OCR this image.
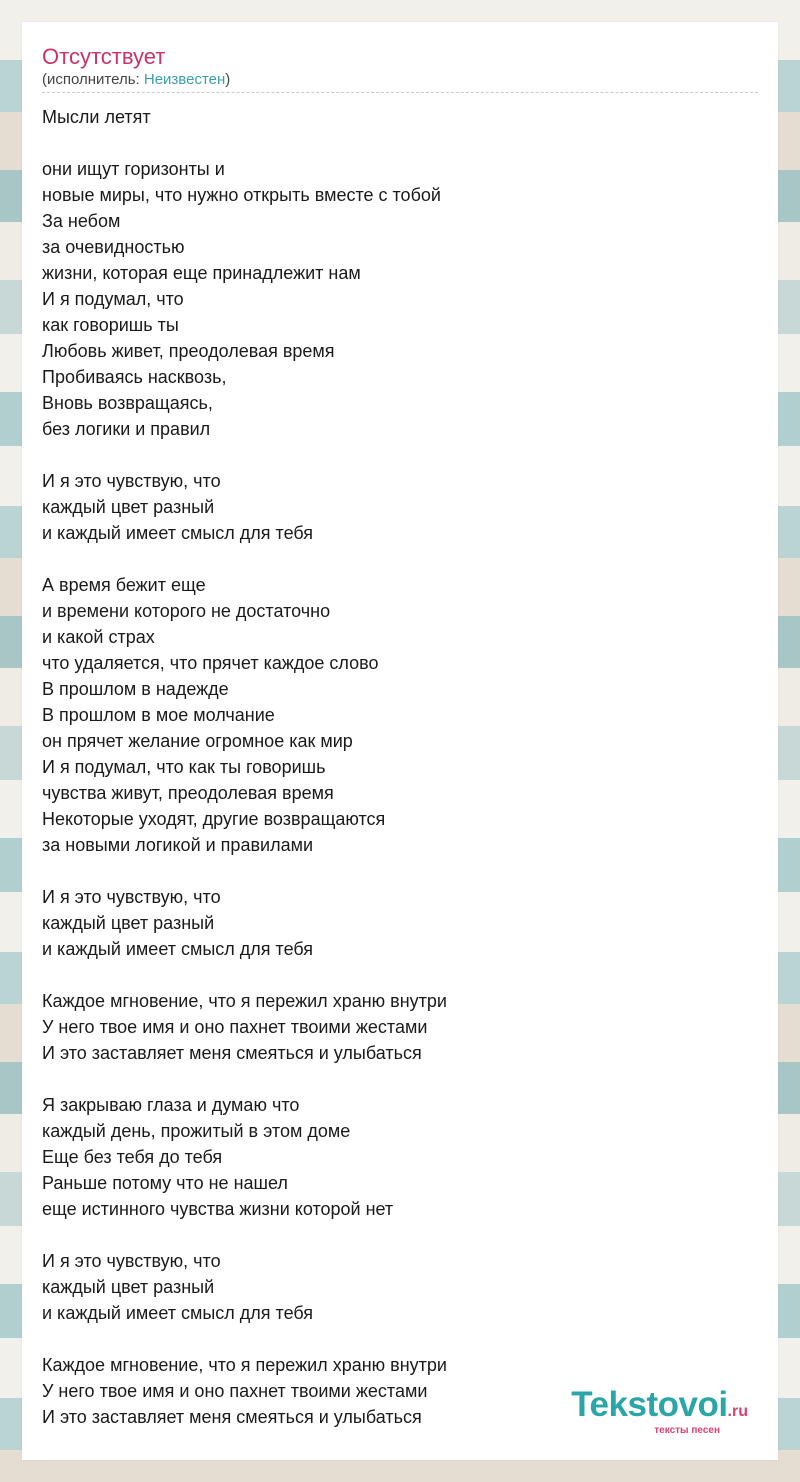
Отсутствует
(исполнитель: Неизвестен)
Мысли летят
они ищут горизонты и
новые миры, что нужно открыть вместе с тобой
За небом
за очевидностью
жизни, которая еще принадлежит нам
И я подумал, что
как говоришь ты
Любовь живет, преодолевая время
Пробиваясь насквозь,
Вновь возвращаясь,
без логики и правил
И я это чувствую, что
каждый цвет разный
и каждый имеет смысл для тебя
А время бежит еще
и времени которого не достаточно
и какой страх
что удаляется, что прячет каждое слово
В прошлом в надежде
В прошлом в мое молчание
он прячет желание огромное как мир
И я подумал, что как ты говоришь
чувства живут, преодолевая время
Некоторые уходят, другие возвращаются
за новыми логикой и правилами
И я это чувствую, что
каждый цвет разный
и каждый имеет смысл для тебя
Каждое мгновение, что я пережил храню внутри
У него твое имя и оно пахнет твоими жестами
И это заставляет меня смеяться и улыбаться
Я закрываю глаза и думаю что
каждый день, прожитый в этом доме
Еще без тебя до тебя
Раньше потому что не нашел
еще истинного чувства жизни которой нет
И я это чувствую, что
каждый цвет разный
и каждый имеет смысл для тебя
Каждое мгновение, что я пережил храню внутри
У него твое имя и оно пахнет твоими жестами
И это заставляет меня смеяться и улыбаться	Tekstovoi.ru
тексты песен
